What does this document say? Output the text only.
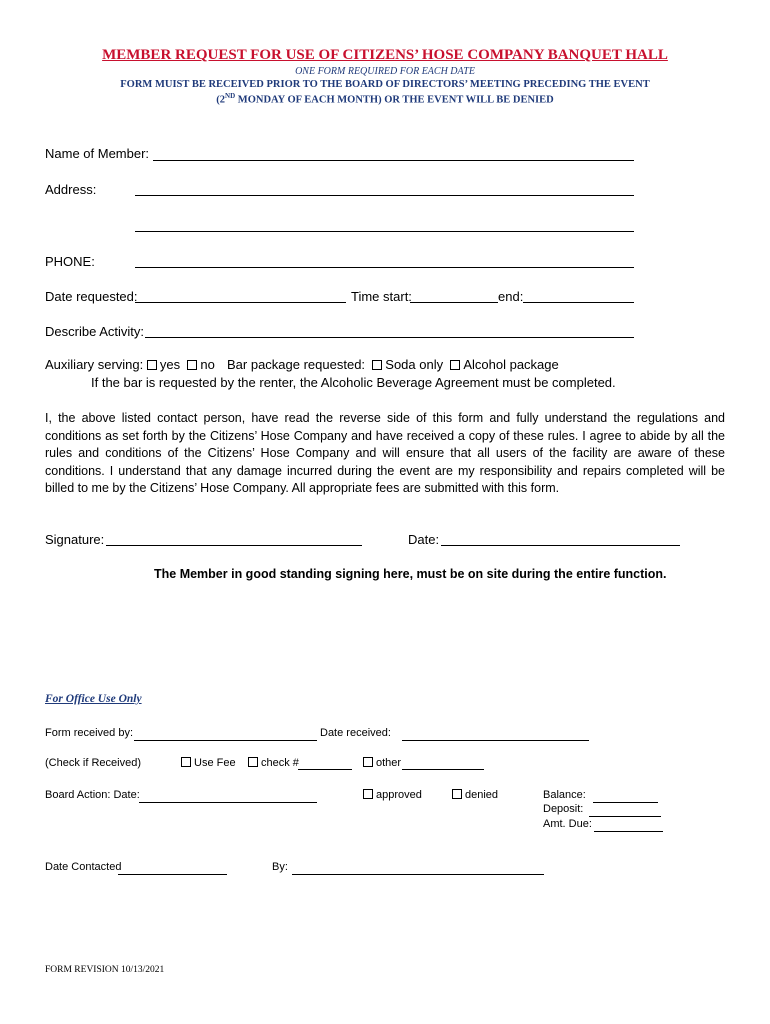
MEMBER REQUEST FOR USE OF CITIZENS’ HOSE COMPANY BANQUET HALL
ONE FORM REQUIRED FOR EACH DATE
FORM MUIST BE RECEIVED PRIOR TO THE BOARD OF DIRECTORS’ MEETING PRECEDING THE EVENT
(2ND MONDAY OF EACH MONTH) OR THE EVENT WILL BE DENIED
Name of Member:
Address:
PHONE:
Date requested:	Time start:	end:
Describe Activity:
Auxiliary serving: yes no Bar package requested: Soda only Alcohol package
If the bar is requested by the renter, the Alcoholic Beverage Agreement must be completed.
I, the above listed contact person, have read the reverse side of this form and fully understand the regulations and conditions as set forth by the Citizens’ Hose Company and have received a copy of these rules. I agree to abide by all the rules and conditions of the Citizens’ Hose Company and will ensure that all users of the facility are aware of these conditions. I understand that any damage incurred during the event are my responsibility and repairs completed will be billed to me by the Citizens’ Hose Company. All appropriate fees are submitted with this form.
Signature:	Date:
The Member in good standing signing here, must be on site during the entire function.
For Office Use Only
Form received by:	Date received:
(Check if Received)	Use Fee	check #	other
Board Action: Date:	approved	denied	Balance:
Deposit:
Amt. Due:
Date Contacted	By:
FORM REVISION 10/13/2021
